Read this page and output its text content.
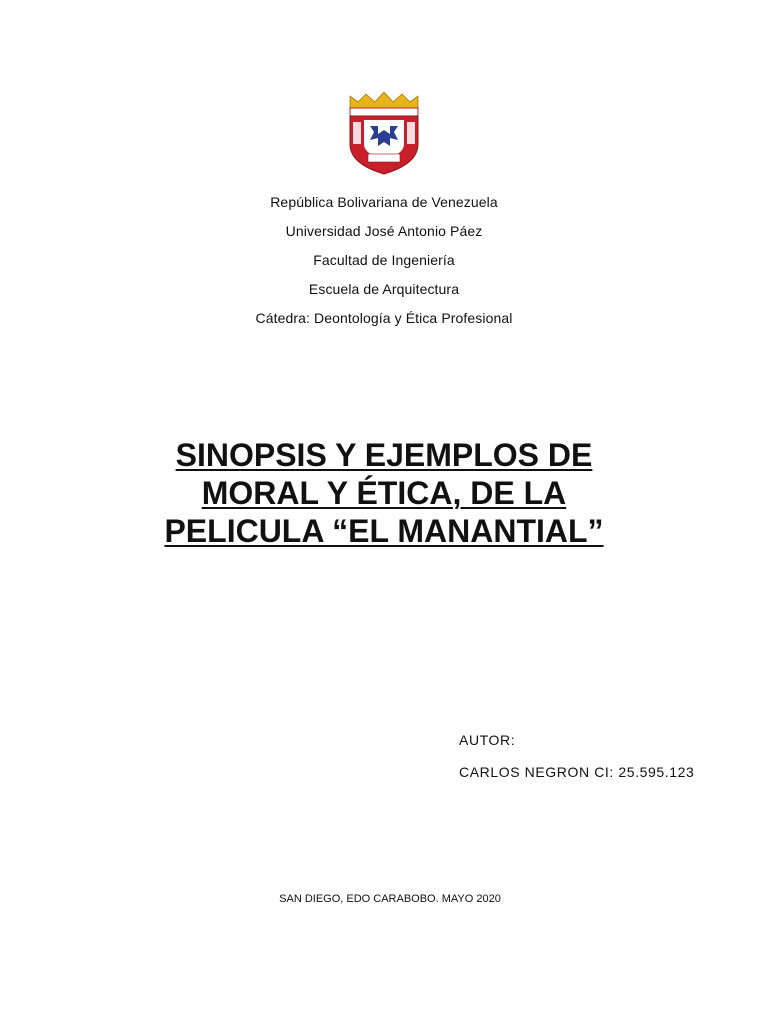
República Bolivariana de Venezuela
Universidad José Antonio Páez
Facultad de Ingeniería
Escuela de Arquitectura
Cátedra: Deontología y Ética Profesional
SINOPSIS Y EJEMPLOS DE
MORAL Y ÉTICA, DE LA
PELICULA “EL MANANTIAL”
AUTOR:
CARLOS NEGRON CI: 25.595.123
SAN DIEGO, EDO CARABOBO. MAYO 2020
